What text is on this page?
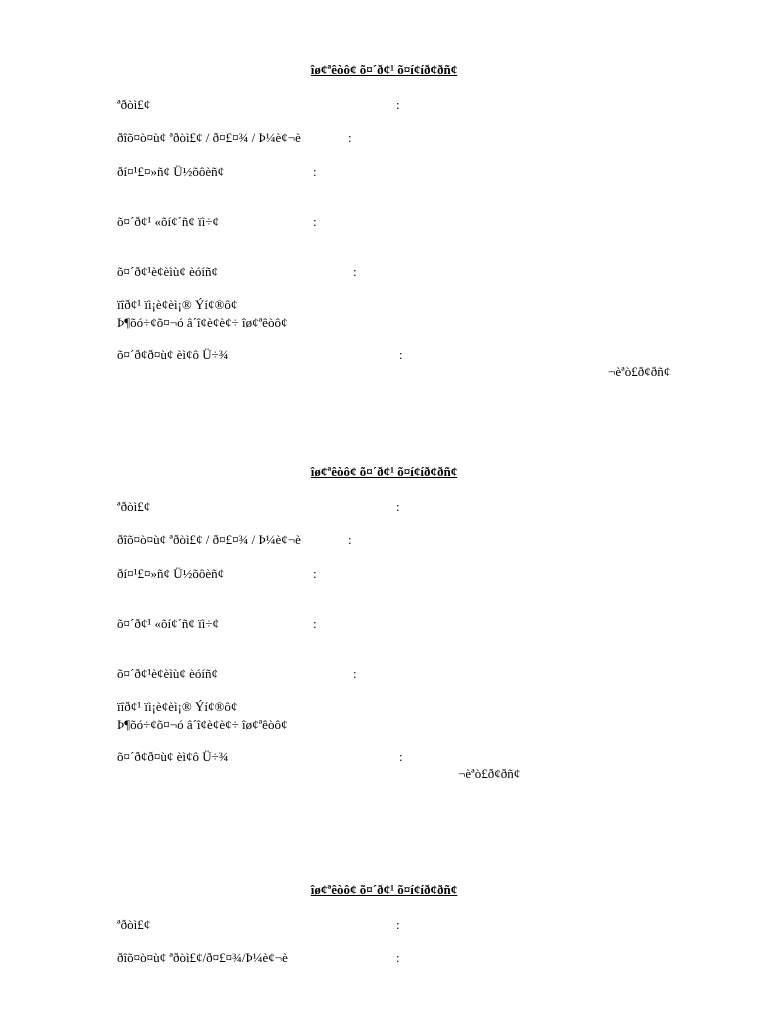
îø¢ªêòô¢ õ¤´ð¢¹ õ¤í¢íð¢ðñ¢
ªðòì£¢	:
ðîõ¤ò¤ù¢ ªðòì£¢ / ð¤£¤¾ / Þ¼è¢¬è	:
ðí¤¹£¤»ñ¢ Ü½õôèñ¢	:
õ¤´ð¢¹ «õí¢´ñ¢ ïì÷¢	:
õ¤´ð¢¹è¢èìù¢ èóíñ¢	:
ïîð¢¹ ïì¡è¢èì¡® Ýí¢®ô¢
Þ¶õó÷¢õ¤¬ó â´î¢è¢è¢÷ îø¢ªêòô¢
õ¤´ð¢ð¤ù¢ èì¢ô Ü÷¾	:
¬èªò£ð¢ðñ¢
îø¢ªêòô¢ õ¤´ð¢¹ õ¤í¢íð¢ðñ¢
ªðòì£¢	:
ðîõ¤ò¤ù¢ ªðòì£¢ / ð¤£¤¾ / Þ¼è¢¬è	:
ðí¤¹£¤»ñ¢ Ü½õôèñ¢	:
õ¤´ð¢¹ «õí¢´ñ¢ ïì÷¢	:
õ¤´ð¢¹è¢èìù¢ èóíñ¢	:
ïîð¢¹ ïì¡è¢èì¡® Ýí¢®ô¢
Þ¶õó÷¢õ¤¬ó â´î¢è¢è¢÷ îø¢ªêòô¢
õ¤´ð¢ð¤ù¢ èì¢ô Ü÷¾	:
¬èªò£ð¢ðñ¢
îø¢ªêòô¢ õ¤´ð¢¹ õ¤í¢íð¢ðñ¢
ªðòì£¢	:
ðîõ¤ò¤ù¢ ªðòì£¢/ð¤£¤¾/Þ¼è¢¬è	:
